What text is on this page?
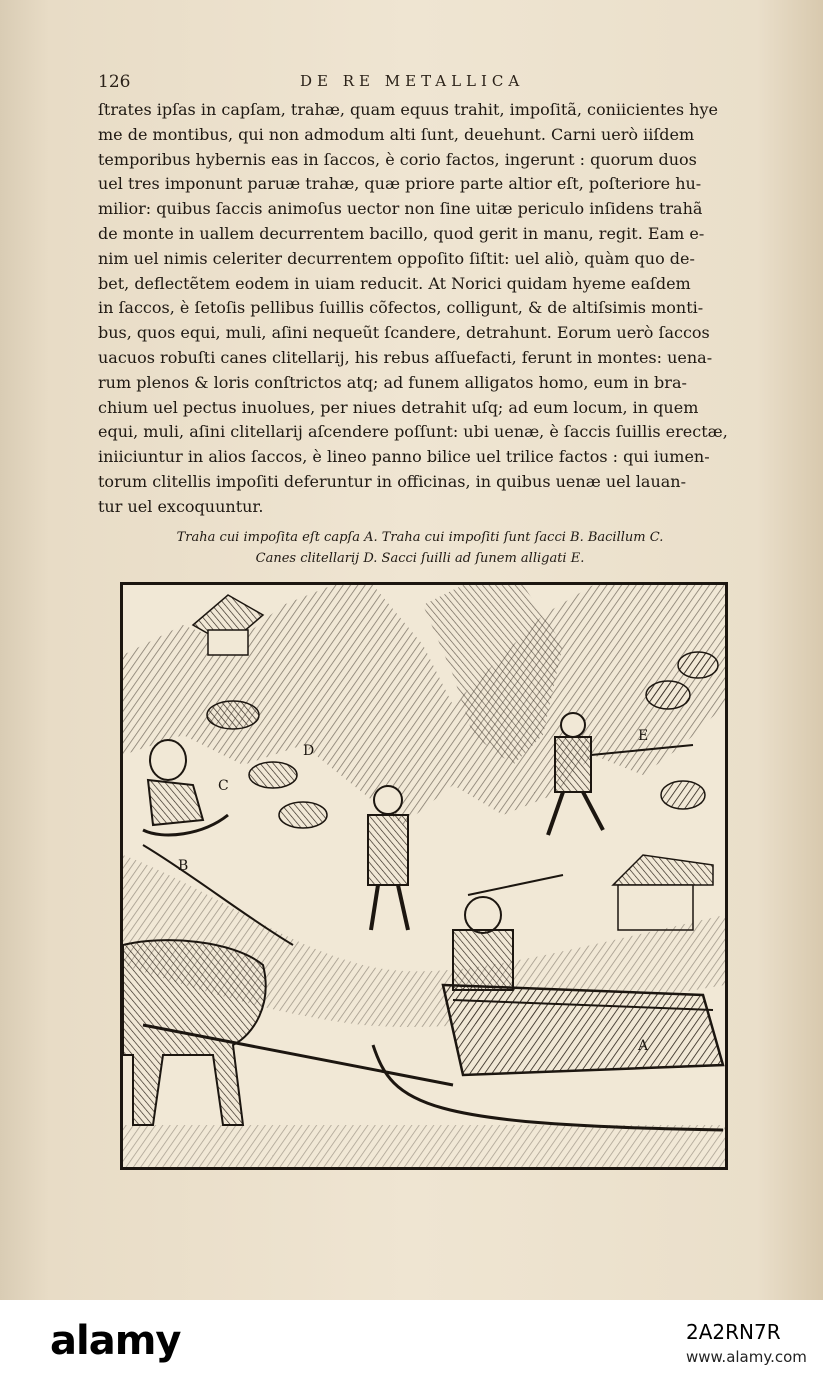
126	DE RE METALLICA
ſtrates ipſas in capſam, trahæ, quam equus trahit, impoſitã, coniicientes hye
me de montibus, qui non admodum alti ſunt, deuehunt. Carni uerò iiſdem
temporibus hybernis eas in ſaccos, è corio factos, ingerunt : quorum duos
uel tres imponunt paruæ trahæ, quæ priore parte altior eſt, poſteriore hu-
milior: quibus ſaccis animoſus uector non ſine uitæ periculo inſidens trahã
de monte in uallem decurrentem bacillo, quod gerit in manu, regit. Eam e-
nim uel nimis celeriter decurrentem oppoſito ſiſtit: uel aliò, quàm quo de-
bet, deflectẽtem eodem in uiam reducit. At Norici quidam hyeme eaſdem
in ſaccos, è ſetoſis pellibus ſuillis cõfectos, colligunt, & de altiſsimis monti-
bus, quos equi, muli, aſini nequeũt ſcandere, detrahunt. Eorum uerò ſaccos
uacuos robuſti canes clitellarij, his rebus aſſuefacti, ferunt in montes: uena-
rum plenos & loris conſtrictos atq; ad funem alligatos homo, eum in bra-
chium uel pectus inuolues, per niues detrahit uſq; ad eum locum, in quem
equi, muli, aſini clitellarij aſcendere poſſunt: ubi uenæ, è ſaccis ſuillis erectæ,
iniiciuntur in alios ſaccos, è lineo panno bilice uel trilice factos : qui iumen-
torum clitellis impoſiti deferuntur in officinas, in quibus uenæ uel lauan-
tur uel excoquuntur.
Traha cui impoſita eſt capſa A. Traha cui impoſiti ſunt ſacci B. Bacillum C.
Canes clitellarij D. Sacci ſuilli ad ſunem alligati E.
A
B
C
D
E
alamy	2A2RN7R
www.alamy.com
